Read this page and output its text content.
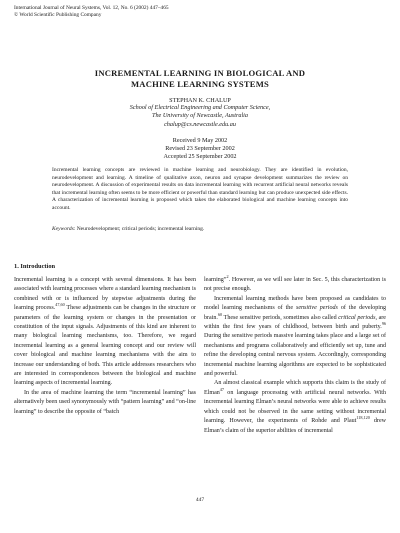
International Journal of Neural Systems, Vol. 12, No. 6 (2002) 447–465
© World Scientific Publishing Company
INCREMENTAL LEARNING IN BIOLOGICAL AND
MACHINE LEARNING SYSTEMS
STEPHAN K. CHALUP
School of Electrical Engineering and Computer Science,
The University of Newcastle, Australia
chalup@cs.newcastle.edu.au
Received 9 May 2002
Revised 23 September 2002
Accepted 25 September 2002

Incremental learning concepts are reviewed in machine learning and neurobiology. They are identified in evolution, neurodevelopment and learning. A timeline of qualitative axon, neuron and synapse development summarizes the review on neurodevelopment. A discussion of experimental results on data incremental learning with recurrent artificial neural networks reveals that incremental learning often seems to be more efficient or powerful than standard learning but can produce unexpected side effects. A characterization of incremental learning is proposed which takes the elaborated biological and machine learning concepts into account.

Keywords: Neurodevelopment; critical periods; incremental learning.
1. Introduction

Incremental learning is a concept with several dimensions. It has been associated with learning processes where a standard learning mechanism is combined with or is influenced by stepwise adjustments during the learning process.$^{47,60}$ These adjustments can be changes in the structure or parameters of the learning system or changes in the presentation or constitution of the input signals. Adjustments of this kind are inherent to many biological learning mechanisms, too. Therefore, we regard incremental learning as a general learning concept and our review will cover biological and machine learning mechanisms with the aim to increase our understanding of both. This article addresses researchers who are interested in correspondences between the biological and machine learning aspects of incremental learning.

In the area of machine learning the term “incremental learning” has alternatively been used synonymously with “pattern learning” and “on-line learning” to describe the opposite of “batch

learning”$^2$. However, as we will see later in Sec. 5, this characterization is not precise enough.

Incremental learning methods have been proposed as candidates to model learning mechanisms of the sensitive periods of the developing brain.$^{60}$ These sensitive periods, sometimes also called critical periods, are within the first few years of childhood, between birth and puberty.$^{96}$ During the sensitive periods massive learning takes place and a large set of mechanisms and programs collaboratively and efficiently set up, tune and refine the developing central nervous system. Accordingly, corresponding incremental machine learning algorithms are expected to be sophisticated and powerful.

An almost classical example which supports this claim is the study of Elman$^{47}$ on language processing with artificial neural networks. With incremental learning Elman’s neural networks were able to achieve results which could not be observed in the same setting without incremental learning. However, the experiments of Rohde and Plaut$^{118,120}$ drew Elman’s claim of the superior abilities of incremental

447
